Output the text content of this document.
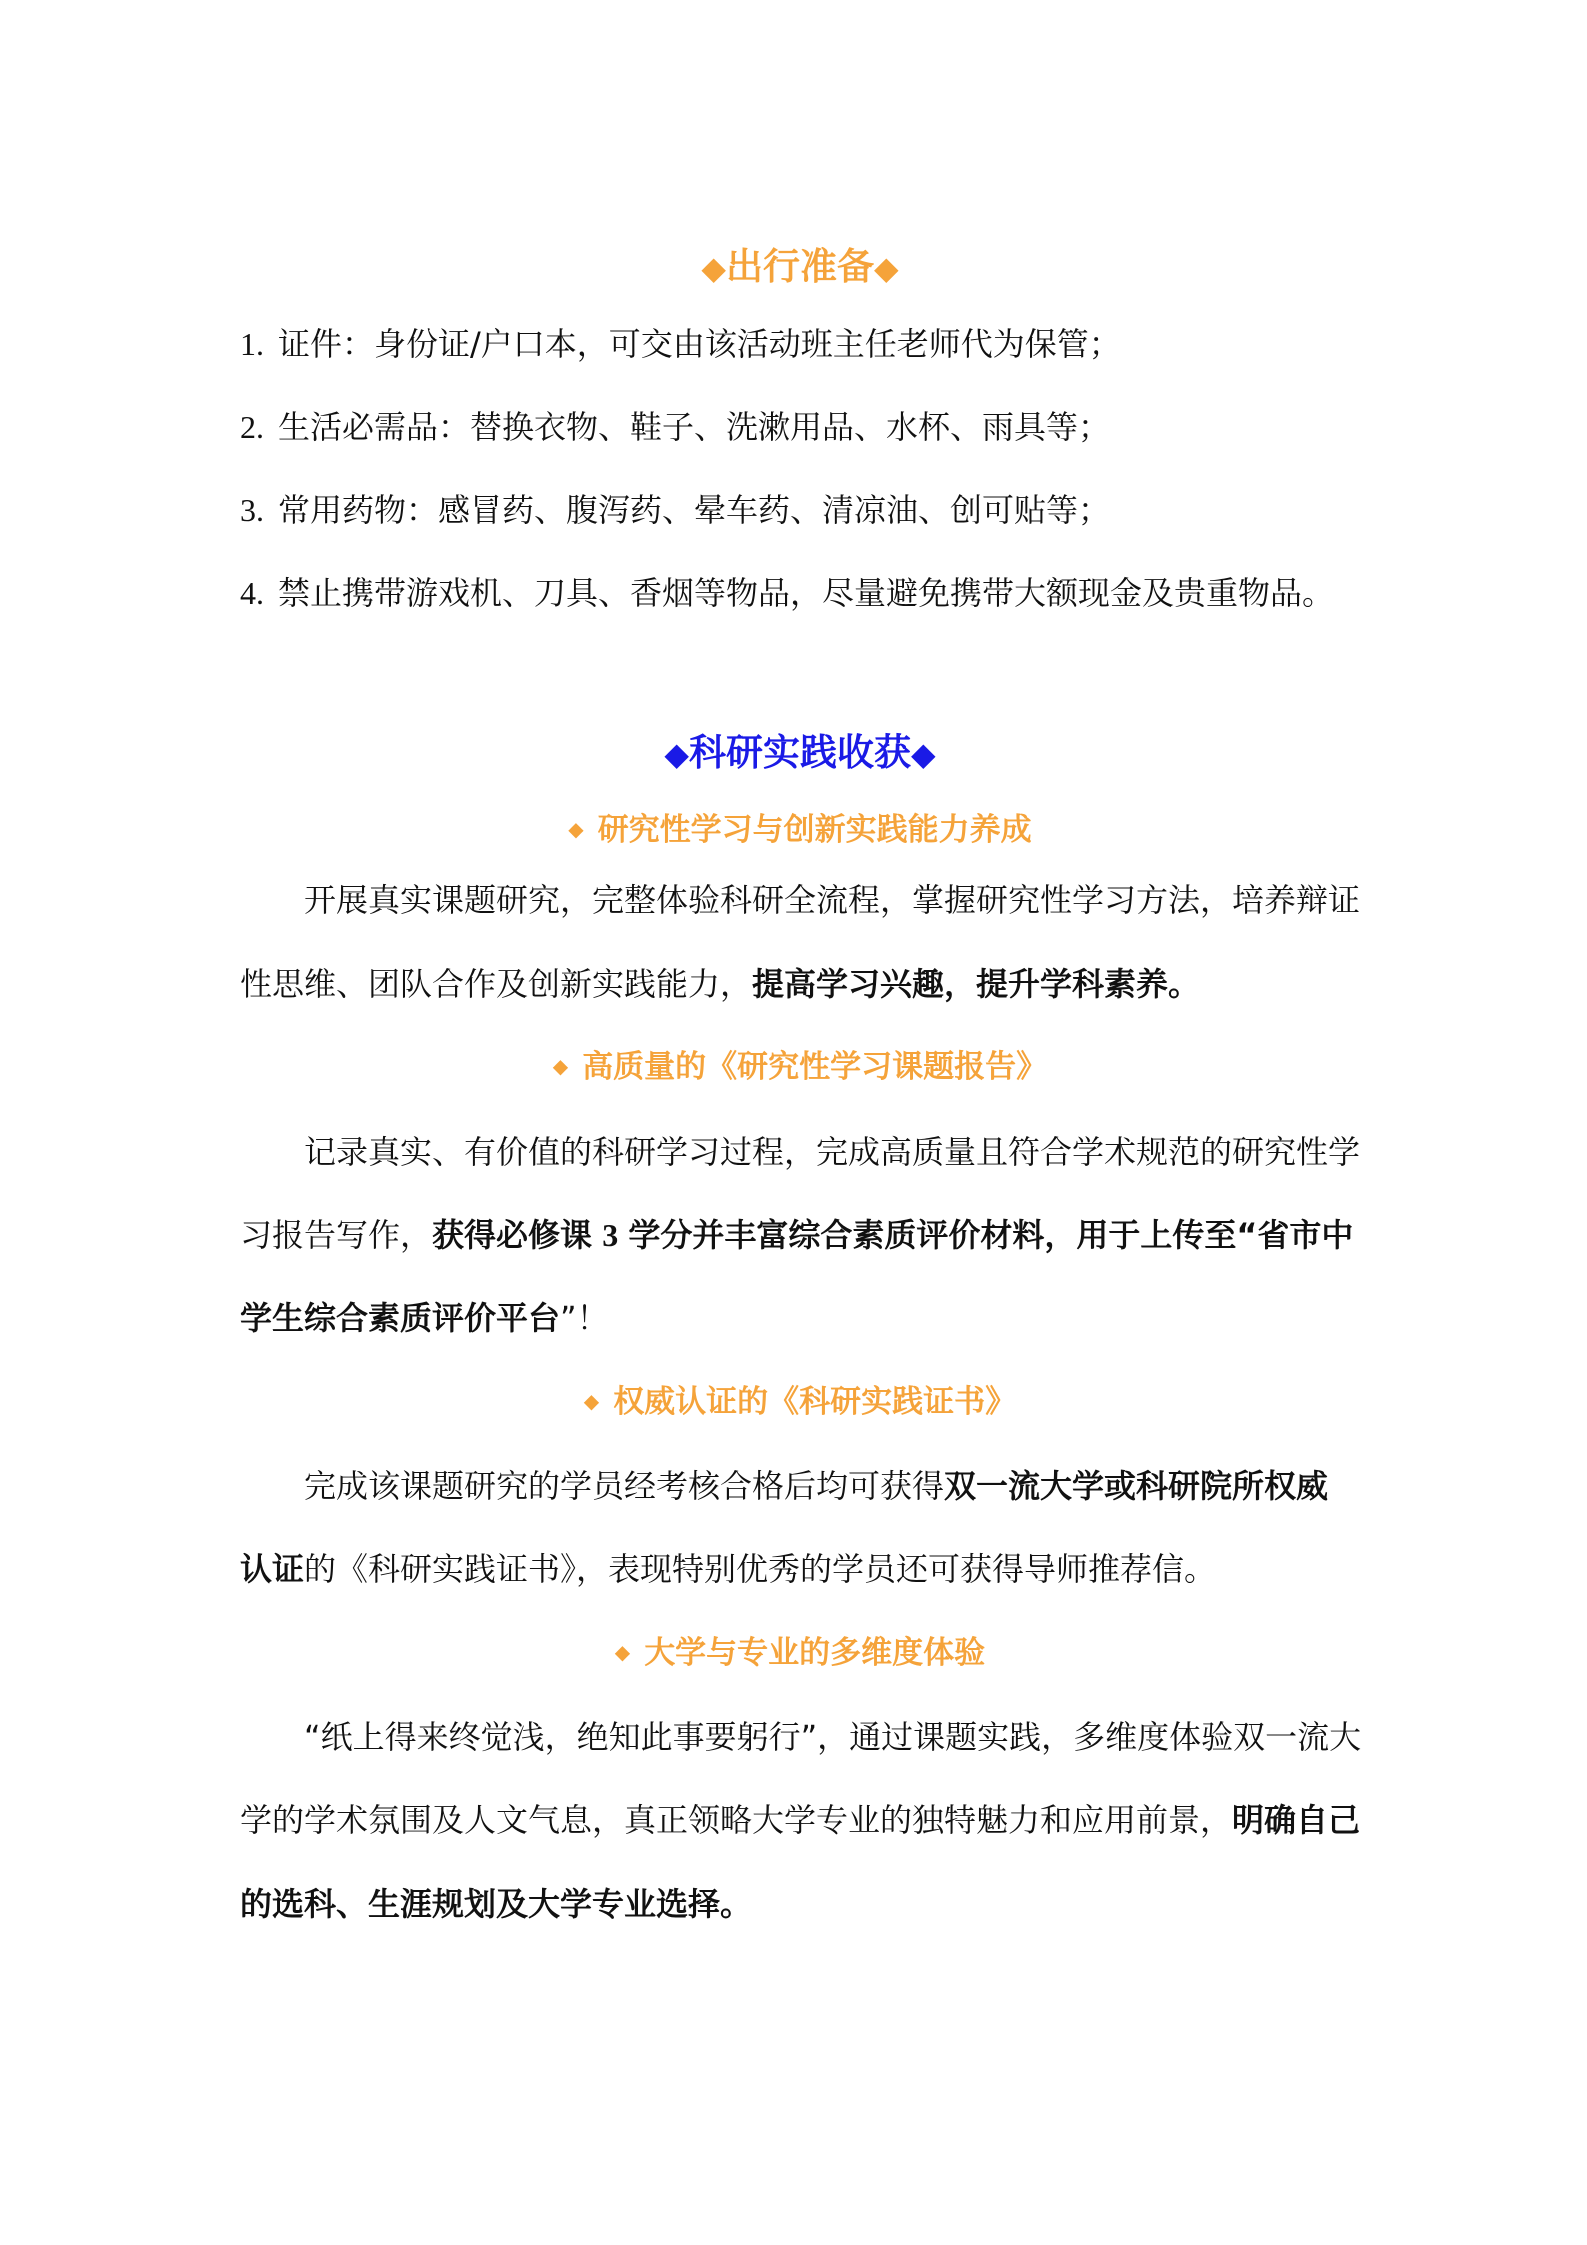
◆出行准备◆
1. 证件：身份证/户口本，可交由该活动班主任老师代为保管；
2. 生活必需品：替换衣物、鞋子、洗漱用品、水杯、雨具等；
3. 常用药物：感冒药、腹泻药、晕车药、清凉油、创可贴等；
4. 禁止携带游戏机、刀具、香烟等物品，尽量避免携带大额现金及贵重物品。
◆科研实践收获◆
◆ 研究性学习与创新实践能力养成
开展真实课题研究，完整体验科研全流程，掌握研究性学习方法，培养辩证
性思维、团队合作及创新实践能力，提高学习兴趣，提升学科素养。
◆ 高质量的《研究性学习课题报告》
记录真实、有价值的科研学习过程，完成高质量且符合学术规范的研究性学
习报告写作，获得必修课 3 学分并丰富综合素质评价材料，用于上传至“省市中
学生综合素质评价平台”！
◆ 权威认证的《科研实践证书》
完成该课题研究的学员经考核合格后均可获得双一流大学或科研院所权威
认证的《科研实践证书》，表现特别优秀的学员还可获得导师推荐信。
◆ 大学与专业的多维度体验
“纸上得来终觉浅，绝知此事要躬行”，通过课题实践，多维度体验双一流大
学的学术氛围及人文气息，真正领略大学专业的独特魅力和应用前景，明确自己
的选科、生涯规划及大学专业选择。
